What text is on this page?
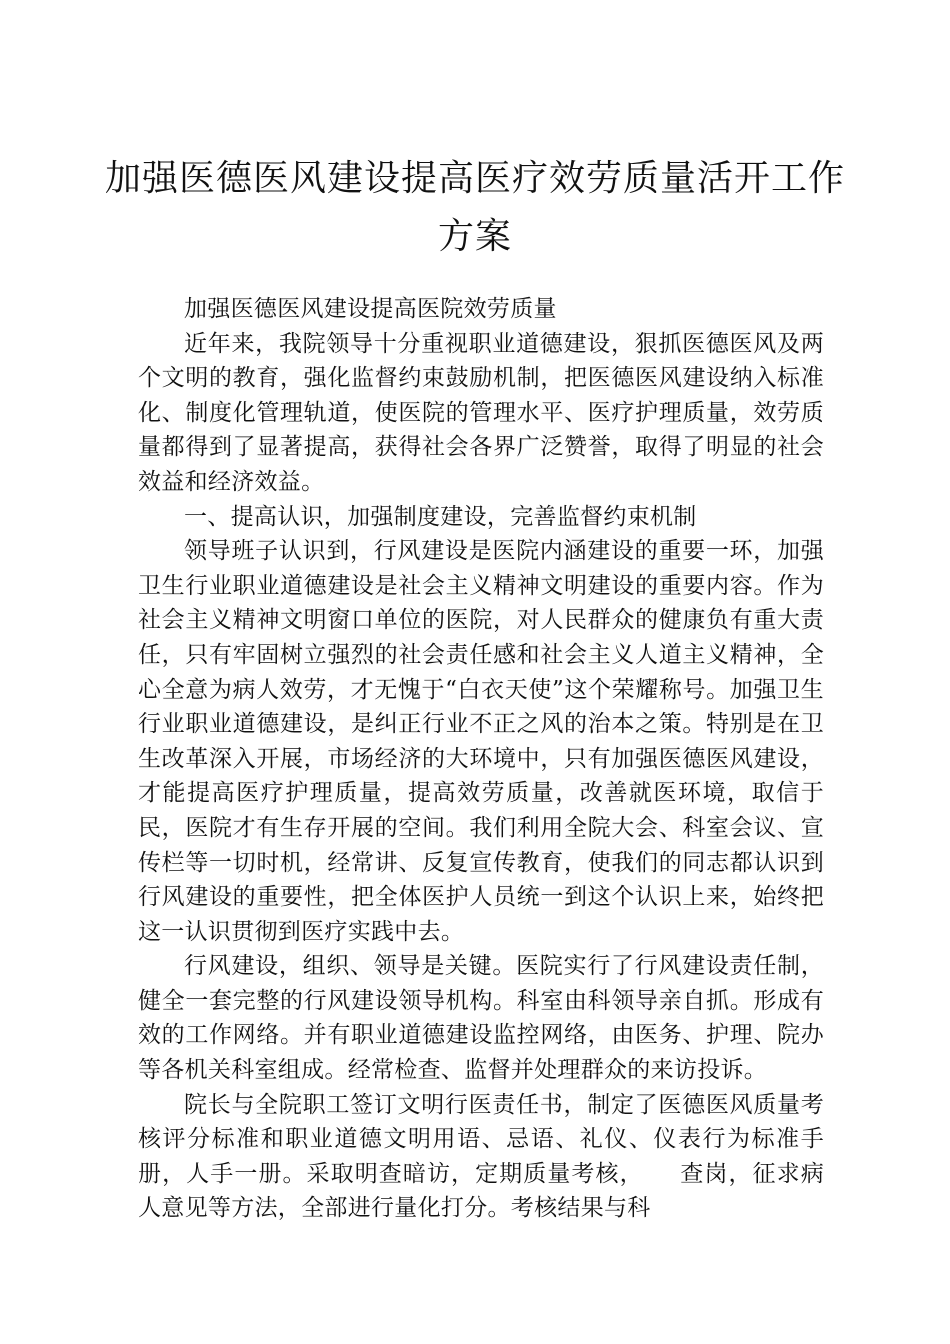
加强医德医风建设提高医疗效劳质量活开工作方案

加强医德医风建设提高医院效劳质量

近年来，我院领导十分重视职业道德建设，狠抓医德医风及两个文明的教育，强化监督约束鼓励机制，把医德医风建设纳入标准化、制度化管理轨道，使医院的管理水平、医疗护理质量，效劳质量都得到了显著提高，获得社会各界广泛赞誉，取得了明显的社会效益和经济效益。

一、提高认识，加强制度建设，完善监督约束机制

领导班子认识到，行风建设是医院内涵建设的重要一环，加强卫生行业职业道德建设是社会主义精神文明建设的重要内容。作为社会主义精神文明窗口单位的医院，对人民群众的健康负有重大责任，只有牢固树立强烈的社会责任感和社会主义人道主义精神，全心全意为病人效劳，才无愧于“白衣天使”这个荣耀称号。加强卫生行业职业道德建设，是纠正行业不正之风的治本之策。特别是在卫生改革深入开展，市场经济的大环境中，只有加强医德医风建设，才能提高医疗护理质量，提高效劳质量，改善就医环境，取信于民，医院才有生存开展的空间。我们利用全院大会、科室会议、宣传栏等一切时机，经常讲、反复宣传教育，使我们的同志都认识到行风建设的重要性，把全体医护人员统一到这个认识上来，始终把这一认识贯彻到医疗实践中去。

行风建设，组织、领导是关键。医院实行了行风建设责任制，健全一套完整的行风建设领导机构。科室由科领导亲自抓。形成有效的工作网络。并有职业道德建设监控网络，由医务、护理、院办等各机关科室组成。经常检查、监督并处理群众的来访投诉。

院长与全院职工签订文明行医责任书，制定了医德医风质量考核评分标准和职业道德文明用语、忌语、礼仪、仪表行为标准手册，人手一册。采取明查暗访，定期质量考核，　　查岗，征求病人意见等方法，全部进行量化打分。考核结果与科
